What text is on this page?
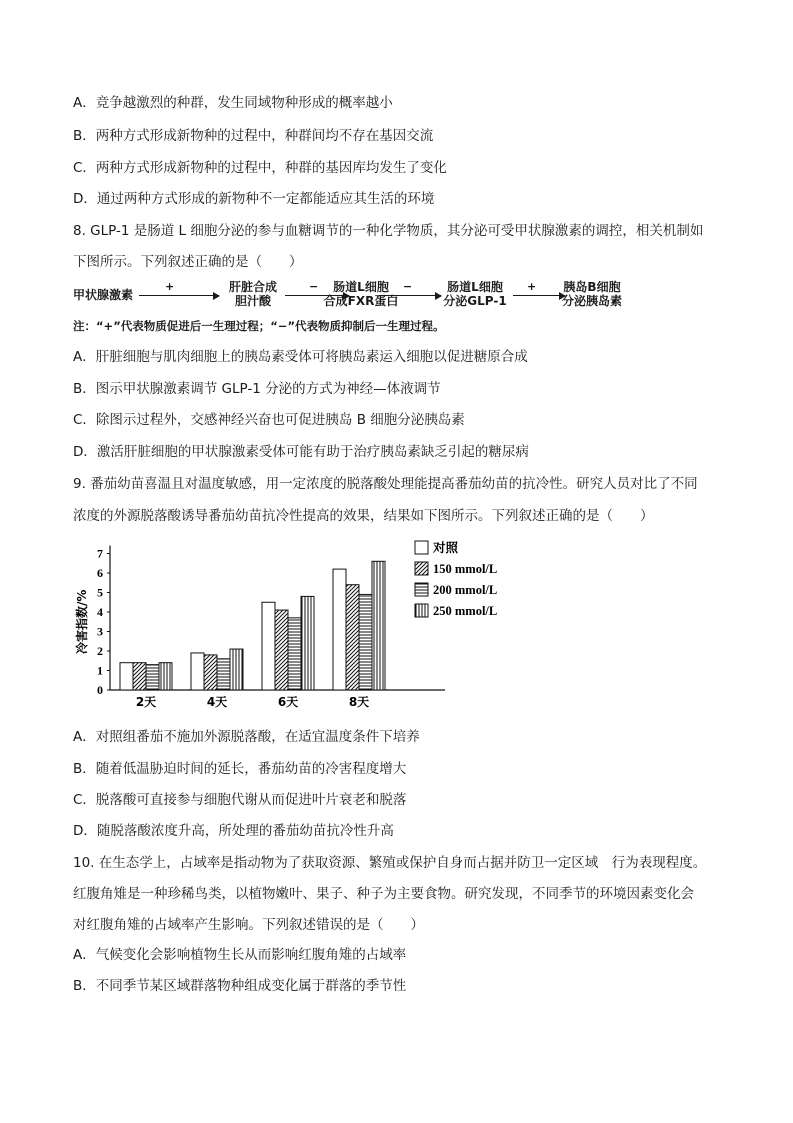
A．竞争越激烈的种群，发生同域物种形成的概率越小
B．两种方式形成新物种的过程中，种群间均不存在基因交流
C．两种方式形成新物种的过程中，种群的基因库均发生了变化
D．通过两种方式形成的新物种不一定都能适应其生活的环境
8. GLP-1 是肠道 L 细胞分泌的参与血糖调节的一种化学物质，其分泌可受甲状腺激素的调控，相关机制如
下图所示。下列叙述正确的是（　　）
甲状腺激素
+	肝脏合成
胆汁酸
−	肠道L细胞
合成FXR蛋白
−	肠道L细胞
分泌GLP-1
+	胰岛B细胞
分泌胰岛素
注：“+”代表物质促进后一生理过程；“−”代表物质抑制后一生理过程。
A．肝脏细胞与肌肉细胞上的胰岛素受体可将胰岛素运入细胞以促进糖原合成
B．图示甲状腺激素调节 GLP-1 分泌的方式为神经—体液调节
C．除图示过程外，交感神经兴奋也可促进胰岛 B 细胞分泌胰岛素
D．激活肝脏细胞的甲状腺激素受体可能有助于治疗胰岛素缺乏引起的糖尿病
9. 番茄幼苗喜温且对温度敏感，用一定浓度的脱落酸处理能提高番茄幼苗的抗冷性。研究人员对比了不同
浓度的外源脱落酸诱导番茄幼苗抗冷性提高的效果，结果如下图所示。下列叙述正确的是（　　）
0
1
2
3
4
5
6
7
冷害指数/%
2天	4天	6天	8天
对照
150 mmol/L
200 mmol/L
250 mmol/L
A．对照组番茄不施加外源脱落酸，在适宜温度条件下培养
B．随着低温胁迫时间的延长，番茄幼苗的冷害程度增大
C．脱落酸可直接参与细胞代谢从而促进叶片衰老和脱落
D．随脱落酸浓度升高，所处理的番茄幼苗抗冷性升高
10. 在生态学上，占域率是指动物为了获取资源、繁殖或保护自身而占据并防卫一定区域　行为表现程度。
红腹角雉是一种珍稀鸟类，以植物嫩叶、果子、种子为主要食物。研究发现，不同季节的环境因素变化会
对红腹角雉的占域率产生影响。下列叙述错误的是（　　）
A．气候变化会影响植物生长从而影响红腹角雉的占域率
B．不同季节某区域群落物种组成变化属于群落的季节性
